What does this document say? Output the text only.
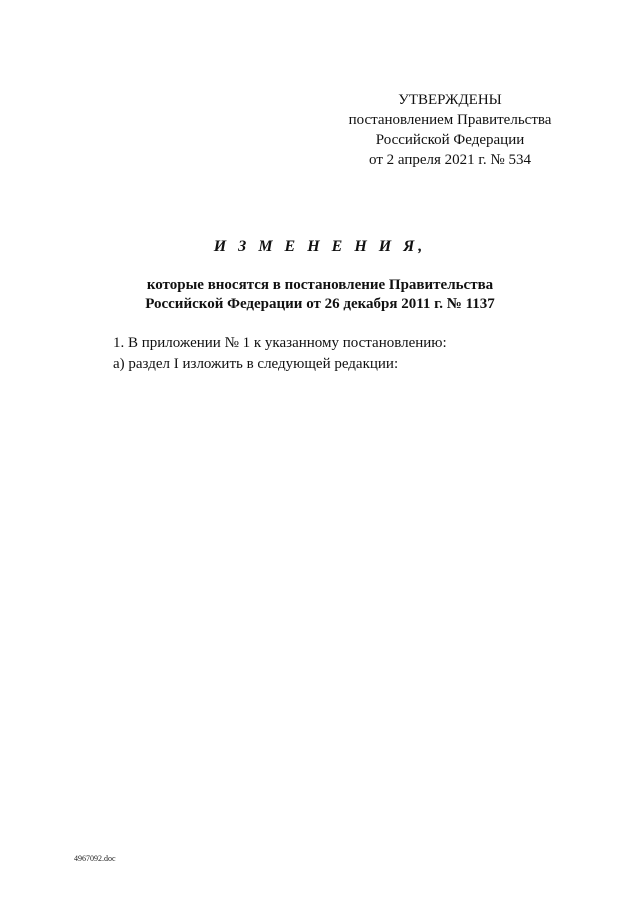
УТВЕРЖДЕНЫ
постановлением Правительства
Российской Федерации
от 2 апреля 2021 г. № 534
И З М Е Н Е Н И Я,
которые вносятся в постановление Правительства
Российской Федерации от 26 декабря 2011 г. № 1137
1. В приложении № 1 к указанному постановлению:
а) раздел I изложить в следующей редакции:
4967092.doc
